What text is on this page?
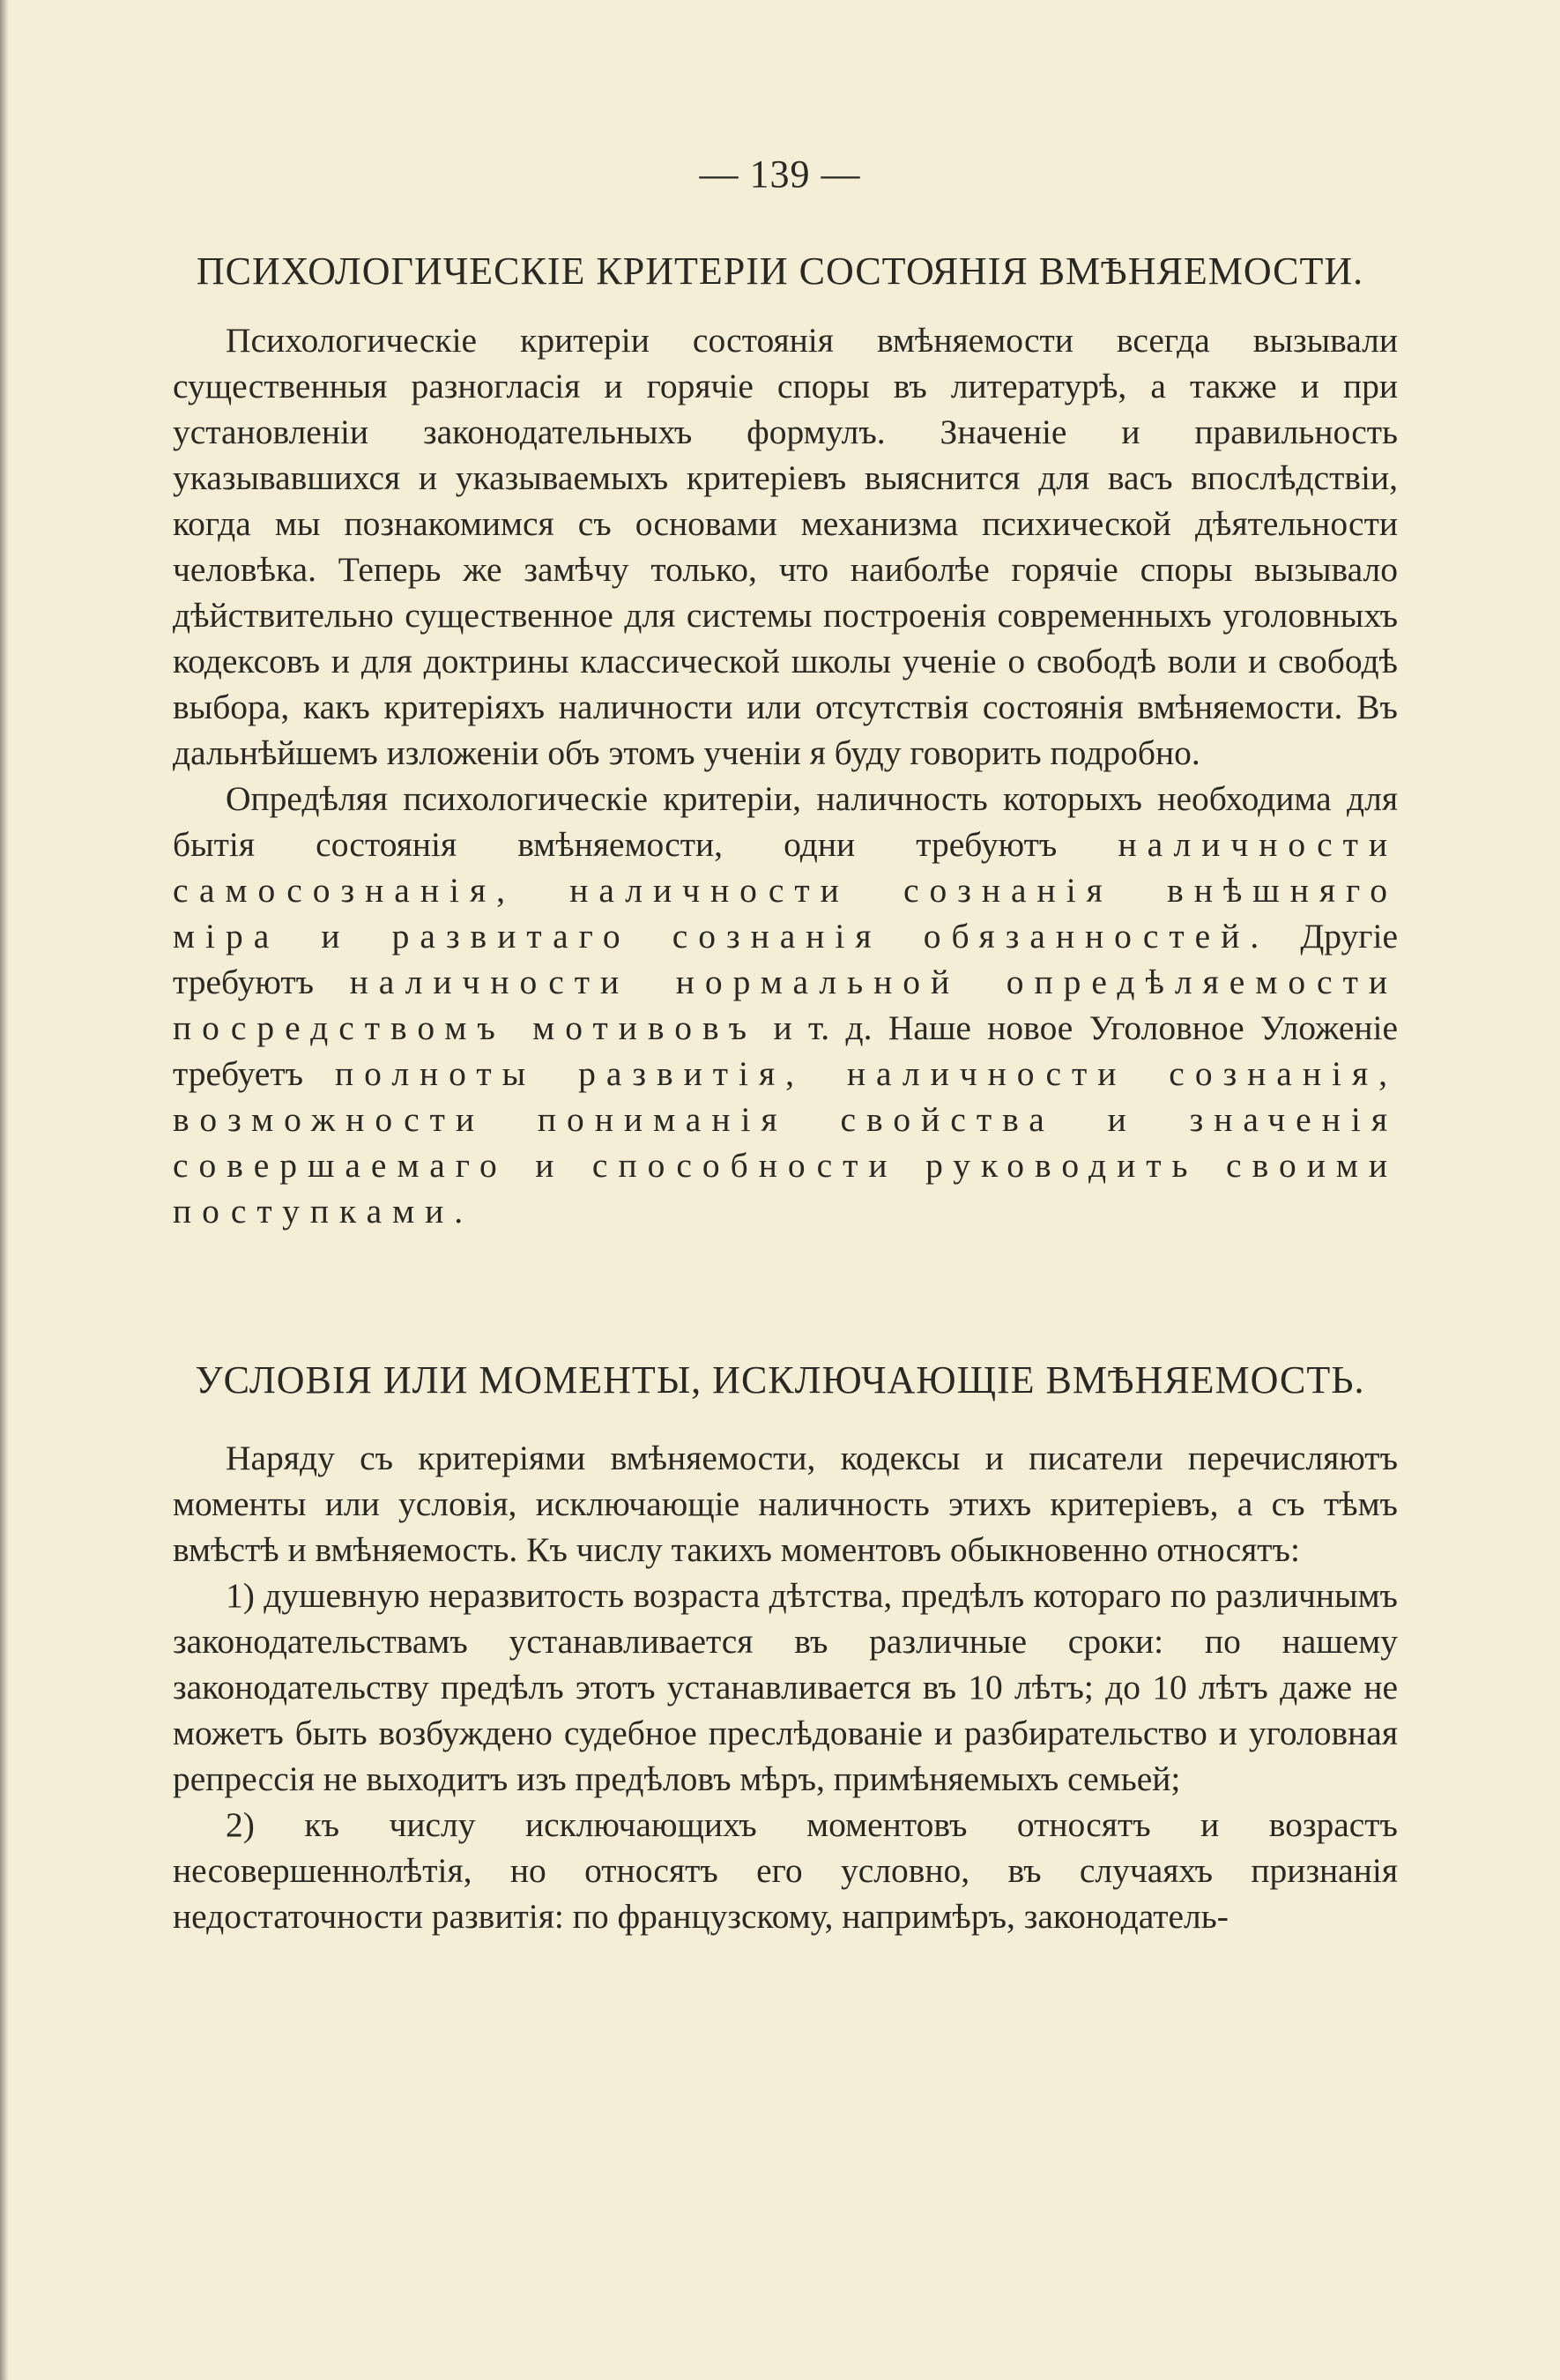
— 139 —
ПСИХОЛОГИЧЕСКІЕ КРИТЕРІИ СОСТОЯНІЯ ВМѢНЯЕМОСТИ.

Психологическіе критеріи состоянія вмѣняемости всегда вызывали существенныя разногласія и горячіе споры въ литературѣ, а также и при установленіи законодательныхъ формулъ. Значеніе и правильность указывавшихся и указываемыхъ критеріевъ выяснится для васъ впослѣдствіи, когда мы познакомимся съ основами механизма психической дѣятельности человѣка. Теперь же замѣчу только, что наиболѣе горячіе споры вызывало дѣйствительно существенное для системы построенія современныхъ уголовныхъ кодексовъ и для доктрины классической школы ученіе о свободѣ воли и свободѣ выбора, какъ критеріяхъ наличности или отсутствія состоянія вмѣняемости. Въ дальнѣйшемъ изложеніи объ этомъ ученіи я буду говорить подробно.

Опредѣляя психологическіе критеріи, наличность которыхъ необходима для бытія состоянія вмѣняемости, одни требуютъ наличности самосознанія, наличности сознанія внѣшняго міра и развитаго сознанія обязанностей. Другіе требуютъ наличности нормальной опредѣляемости посредствомъ мотивовъ и т. д. Наше новое Уголовное Уложеніе требуетъ полноты развитія, наличности сознанія, возможности пониманія свойства и значенія совершаемаго и способности руководить своими поступками.

УСЛОВІЯ ИЛИ МОМЕНТЫ, ИСКЛЮЧАЮЩІЕ ВМѢНЯЕМОСТЬ.

Наряду съ критеріями вмѣняемости, кодексы и писатели перечисляютъ моменты или условія, исключающіе наличность этихъ критеріевъ, а съ тѣмъ вмѣстѣ и вмѣняемость. Къ числу такихъ моментовъ обыкновенно относятъ:

1) душевную неразвитость возраста дѣтства, предѣлъ котораго по различнымъ законодательствамъ устанавливается въ различные сроки: по нашему законодательству предѣлъ этотъ устанавливается въ 10 лѣтъ; до 10 лѣтъ даже не можетъ быть возбуждено судебное преслѣдованіе и разбирательство и уголовная репрессія не выходитъ изъ предѣловъ мѣръ, примѣняемыхъ семьей;

2) къ числу исключающихъ моментовъ относятъ и возрастъ несовершеннолѣтія, но относятъ его условно, въ случаяхъ признанія недостаточности развитія: по французскому, напримѣръ, законодатель-
